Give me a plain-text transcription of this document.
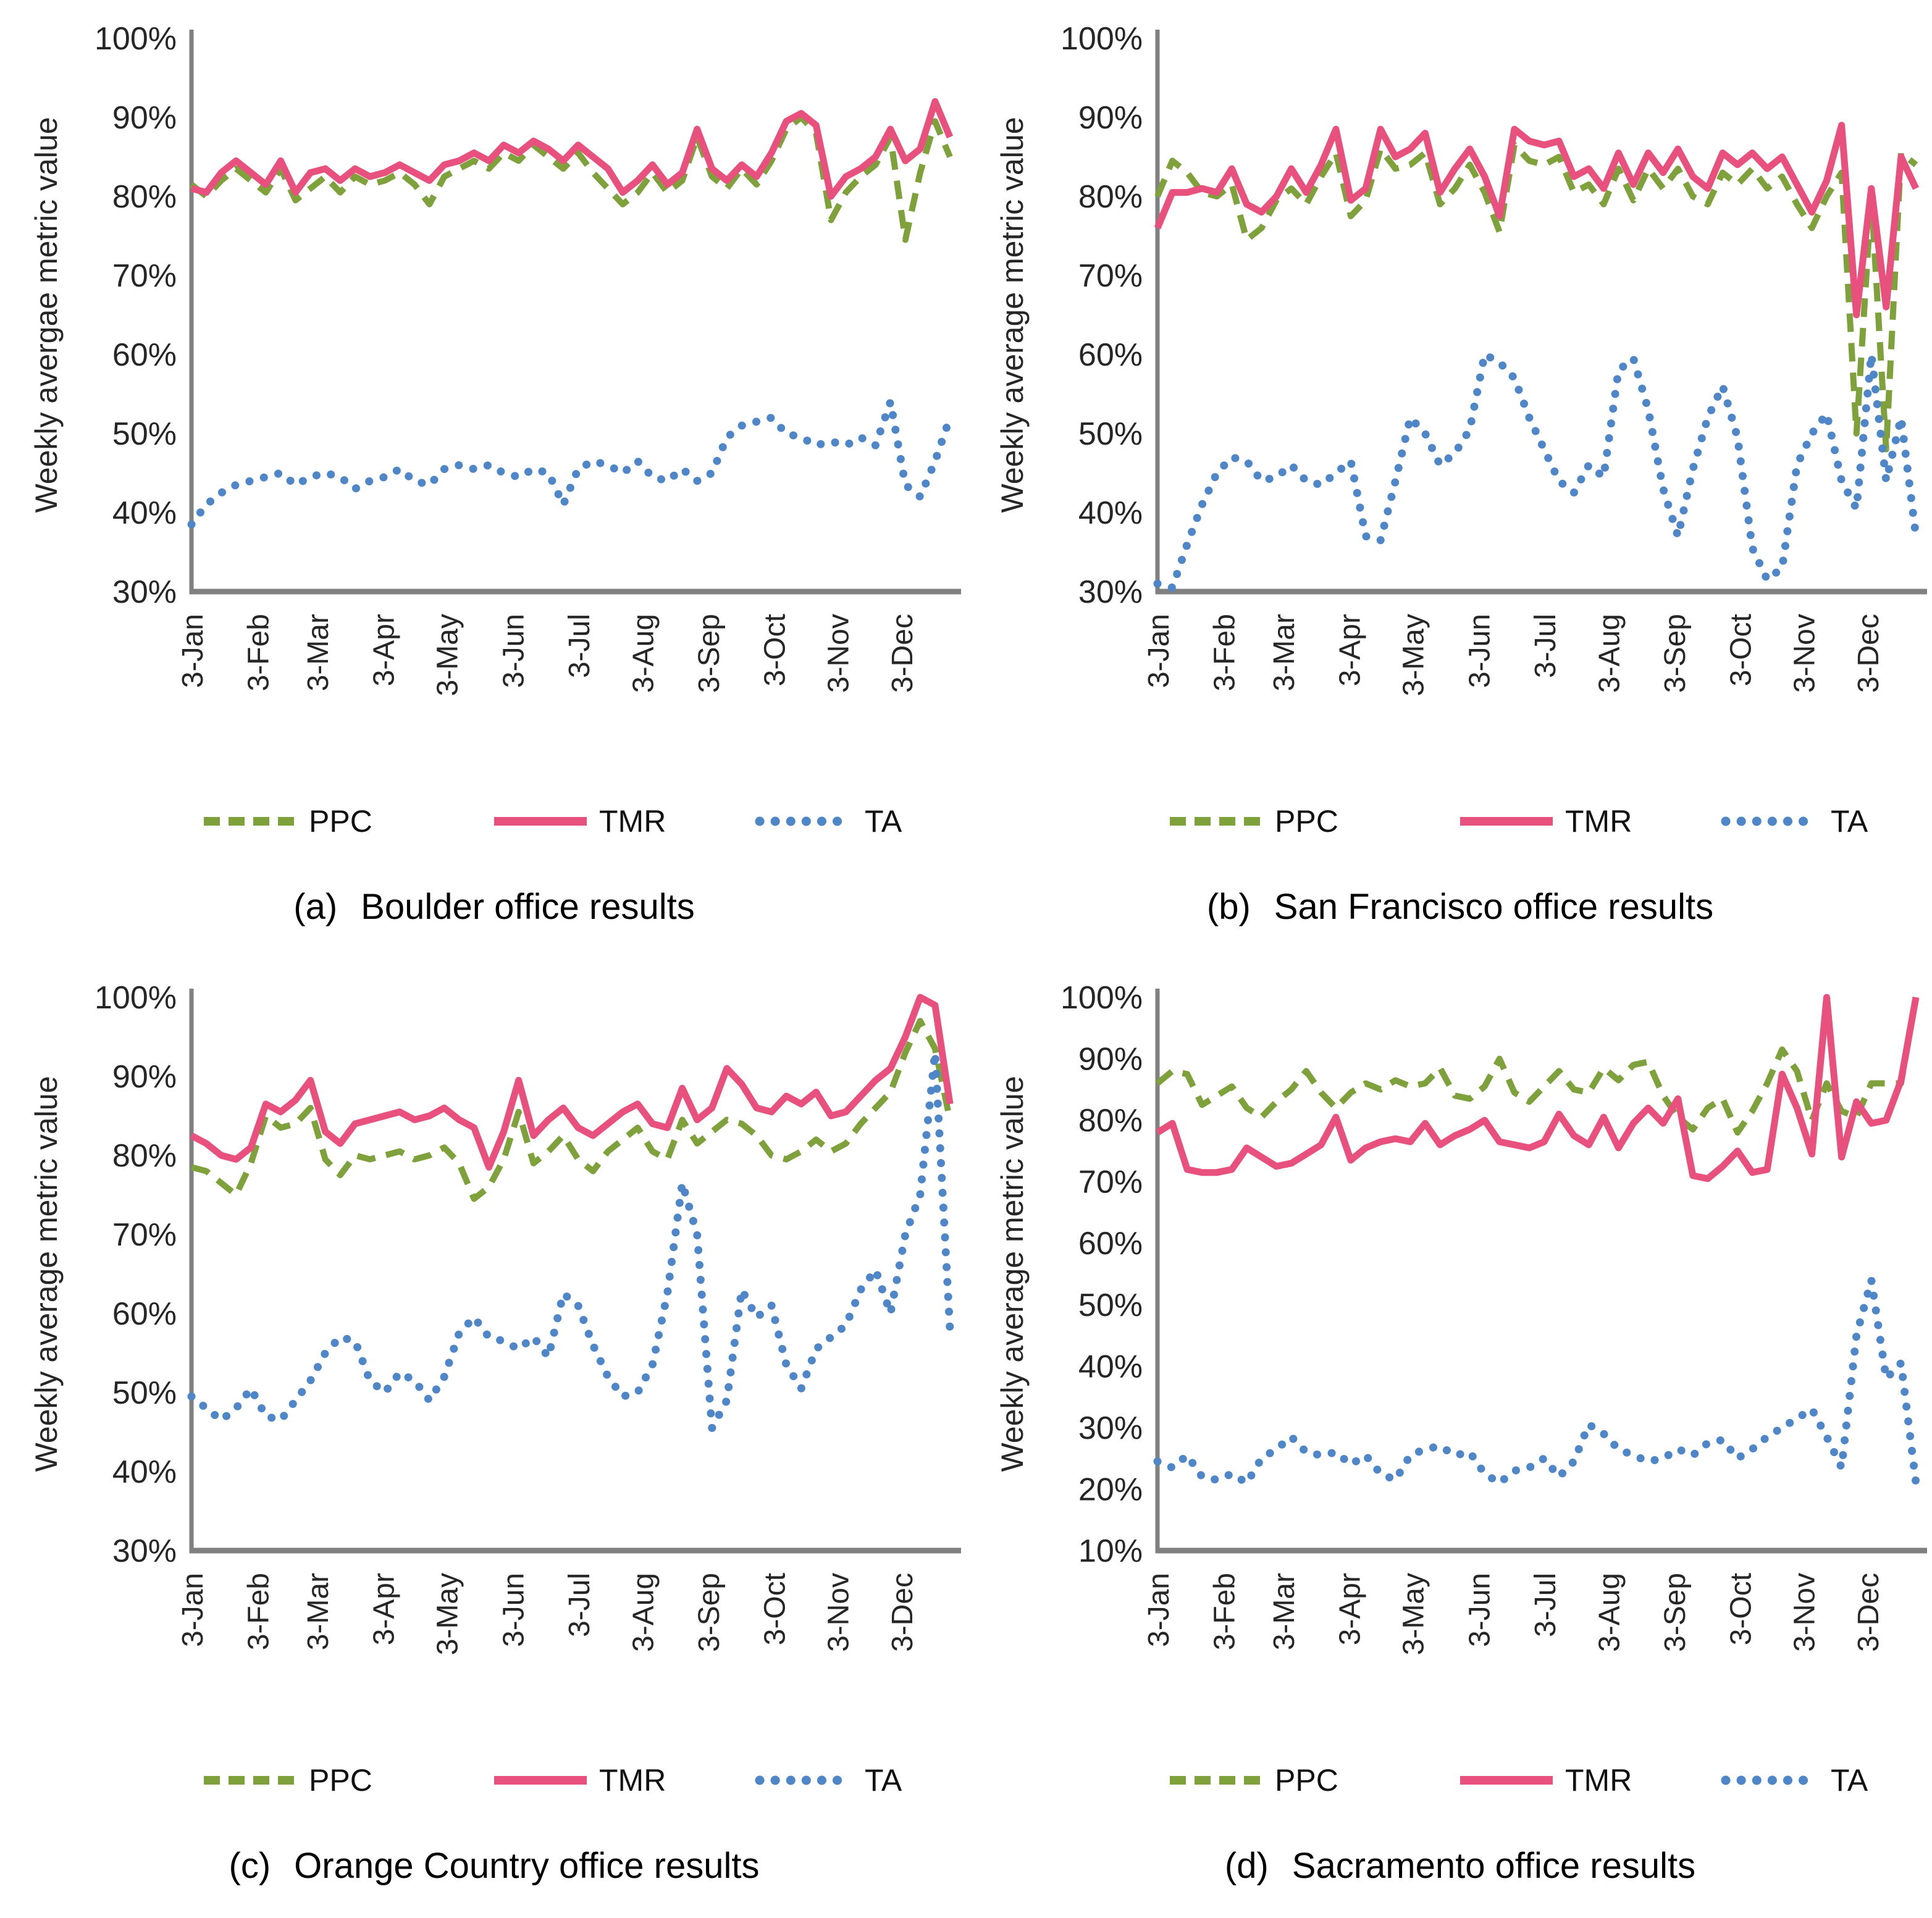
100%
90%
80%
70%
60%
50%
40%
30%
3-Jan 3-Feb 3-Mar 3-Apr 3-May 3-Jun 3-Jul 3-Aug 3-Sep 3-Oct 3-Nov 3-Dec
Weekly avergae metric value
PPC	TMR	TA
(a) Boulder office results
100%
90%
80%
70%
60%
50%
40%
30%
3-Jan 3-Feb 3-Mar 3-Apr 3-May 3-Jun 3-Jul 3-Aug 3-Sep 3-Oct 3-Nov 3-Dec
Weekly average metric value
PPC	TMR	TA
(b) San Francisco office results
100%
90%
80%
70%
60%
50%
40%
30%
3-Jan 3-Feb 3-Mar 3-Apr 3-May 3-Jun 3-Jul 3-Aug 3-Sep 3-Oct 3-Nov 3-Dec
Weekly average metric value
PPC	TMR	TA
(c) Orange Country office results
100%
90%
80%
70%
60%
50%
40%
30%
20%
10%
3-Jan 3-Feb 3-Mar 3-Apr 3-May 3-Jun 3-Jul 3-Aug 3-Sep 3-Oct 3-Nov 3-Dec
Weekly average metric value
PPC	TMR	TA
(d) Sacramento office results
